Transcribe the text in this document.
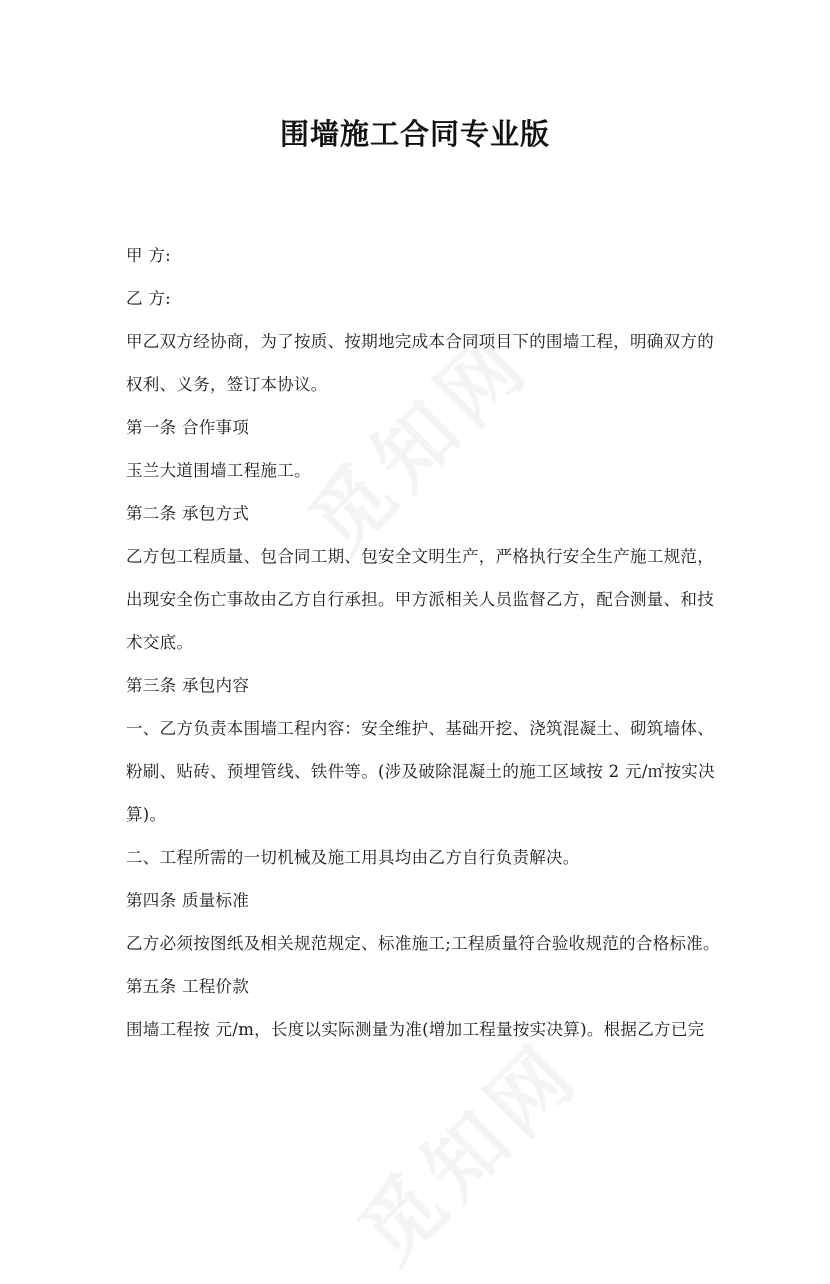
围墙施工合同专业版
甲 方:
乙 方:
甲乙双方经协商，为了按质、按期地完成本合同项目下的围墙工程，明确双方的
权利、义务，签订本协议。
第一条 合作事项
玉兰大道围墙工程施工。
第二条 承包方式
乙方包工程质量、包合同工期、包安全文明生产，严格执行安全生产施工规范，
出现安全伤亡事故由乙方自行承担。甲方派相关人员监督乙方，配合测量、和技
术交底。
第三条 承包内容
一、乙方负责本围墙工程内容：安全维护、基础开挖、浇筑混凝土、砌筑墙体、
粉刷、贴砖、预埋管线、铁件等。(涉及破除混凝土的施工区域按 2 元/㎡按实决
算)。
二、工程所需的一切机械及施工用具均由乙方自行负责解决。
第四条 质量标准
乙方必须按图纸及相关规范规定、标准施工;工程质量符合验收规范的合格标准。
第五条 工程价款
围墙工程按 元/m，长度以实际测量为准(增加工程量按实决算)。根据乙方已完
